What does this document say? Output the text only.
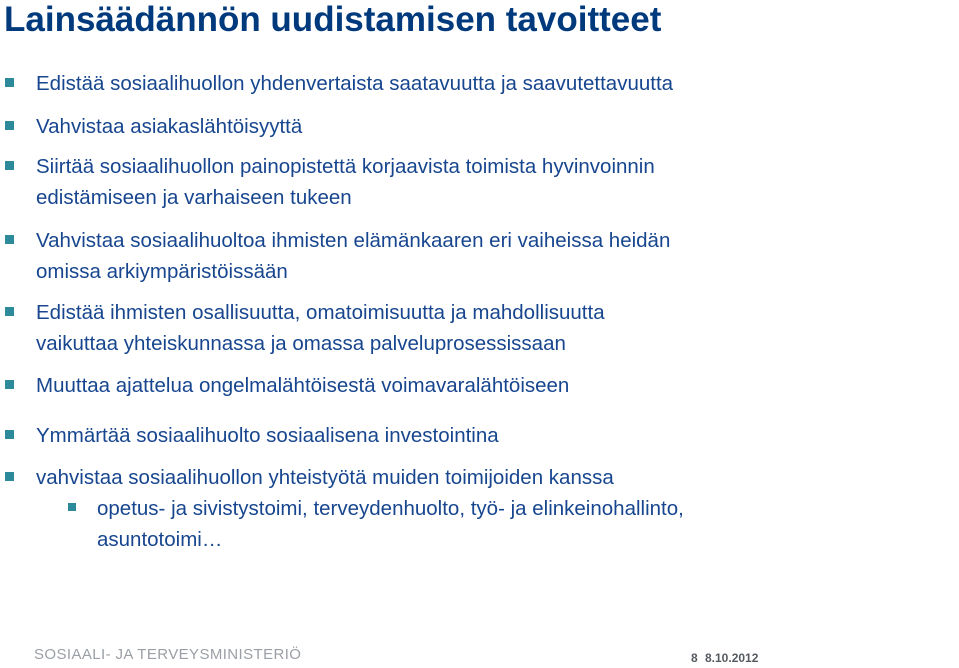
Lainsäädännön uudistamisen tavoitteet
Edistää sosiaalihuollon yhdenvertaista saatavuutta ja saavutettavuutta
Vahvistaa asiakaslähtöisyyttä
Siirtää sosiaalihuollon painopistettä korjaavista toimista hyvinvoinnin
edistämiseen ja varhaiseen tukeen
Vahvistaa sosiaalihuoltoa ihmisten elämänkaaren eri vaiheissa heidän
omissa arkiympäristöissään
Edistää ihmisten osallisuutta, omatoimisuutta ja mahdollisuutta
vaikuttaa yhteiskunnassa ja omassa palveluprosessissaan
Muuttaa ajattelua ongelmalähtöisestä voimavaralähtöiseen
Ymmärtää sosiaalihuolto sosiaalisena investointina
vahvistaa sosiaalihuollon yhteistyötä muiden toimijoiden kanssa
opetus- ja sivistystoimi, terveydenhuolto, työ- ja elinkeinohallinto,
asuntotoimi…
SOSIAALI- JA TERVEYSMINISTERIÖ	8 8.10.2012
